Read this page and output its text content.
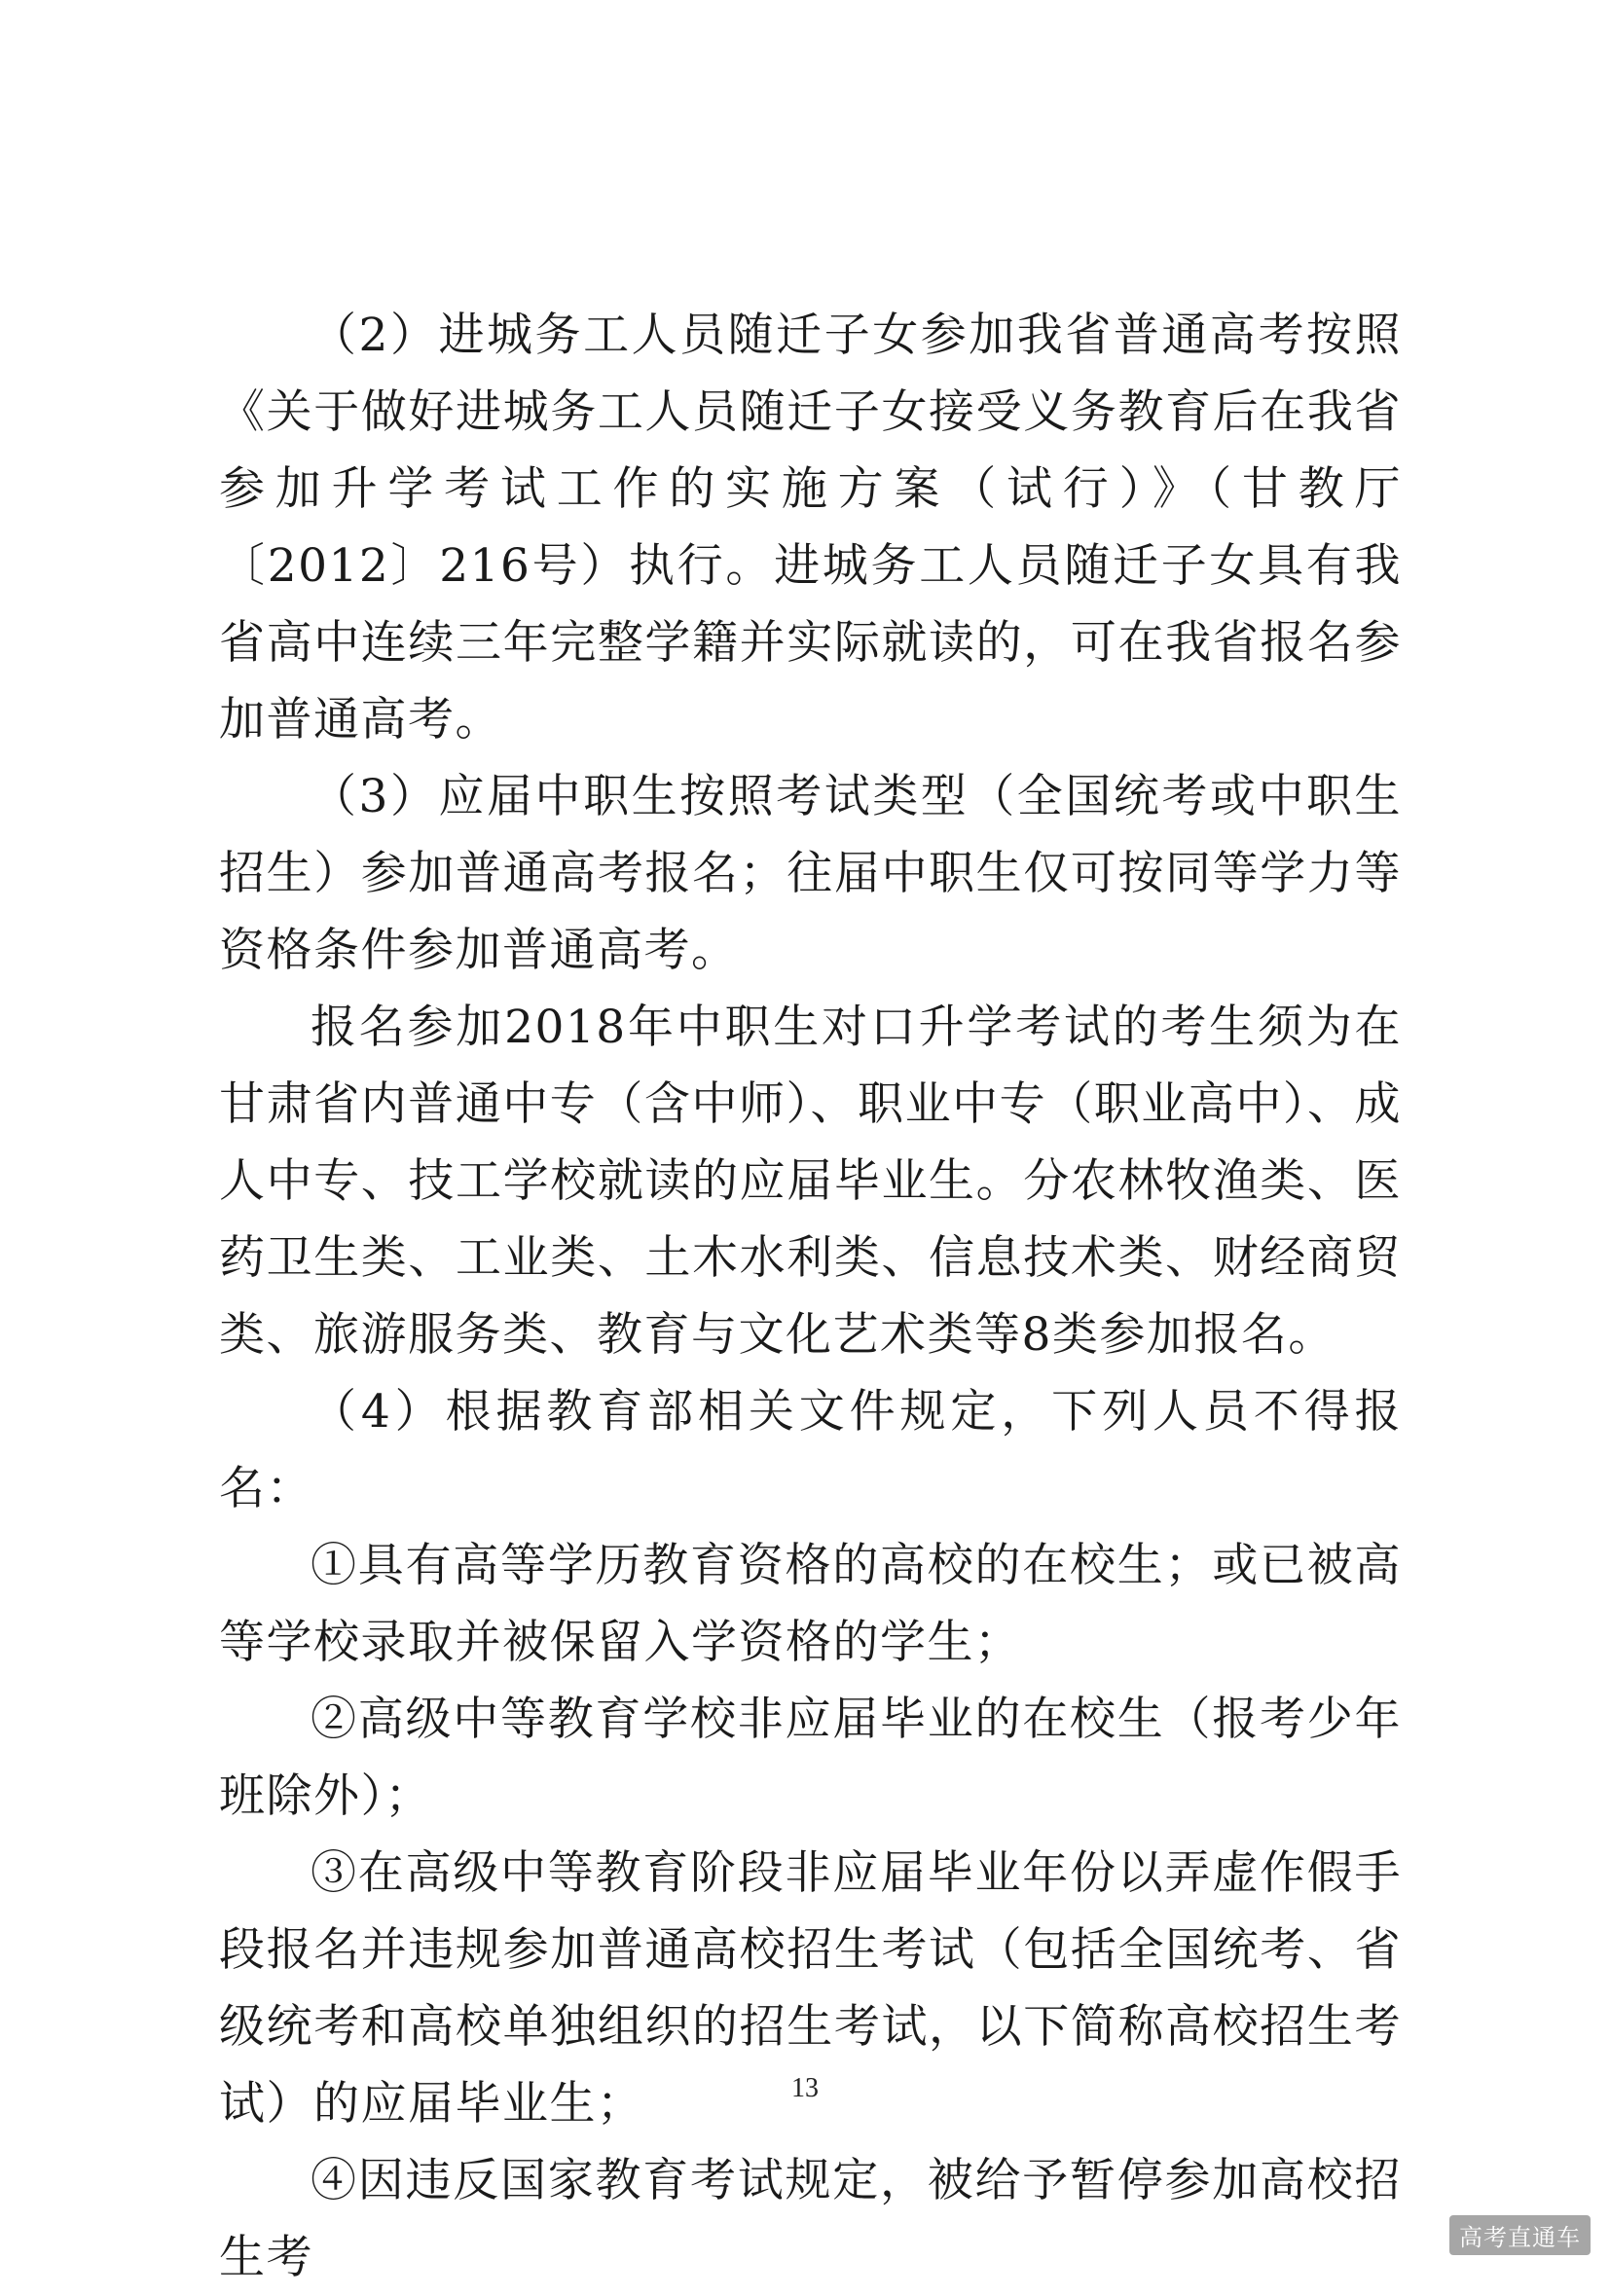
（2）进城务工人员随迁子女参加我省普通高考按照《关于做好进城务工人员随迁子女接受义务教育后在我省参加升学考试工作的实施方案（试行）》（甘教厅〔2012〕216号）执行。进城务工人员随迁子女具有我省高中连续三年完整学籍并实际就读的，可在我省报名参加普通高考。

（3）应届中职生按照考试类型（全国统考或中职生招生）参加普通高考报名；往届中职生仅可按同等学力等资格条件参加普通高考。

报名参加2018年中职生对口升学考试的考生须为在甘肃省内普通中专（含中师）、职业中专（职业高中）、成人中专、技工学校就读的应届毕业生。分农林牧渔类、医药卫生类、工业类、土木水利类、信息技术类、财经商贸类、旅游服务类、教育与文化艺术类等8类参加报名。

（4）根据教育部相关文件规定，下列人员不得报名：

①具有高等学历教育资格的高校的在校生；或已被高等学校录取并被保留入学资格的学生；

②高级中等教育学校非应届毕业的在校生（报考少年班除外）；

③在高级中等教育阶段非应届毕业年份以弄虚作假手段报名并违规参加普通高校招生考试（包括全国统考、省级统考和高校单独组织的招生考试，以下简称高校招生考试）的应届毕业生；

④因违反国家教育考试规定，被给予暂停参加高校招生考

13
高考直通车
